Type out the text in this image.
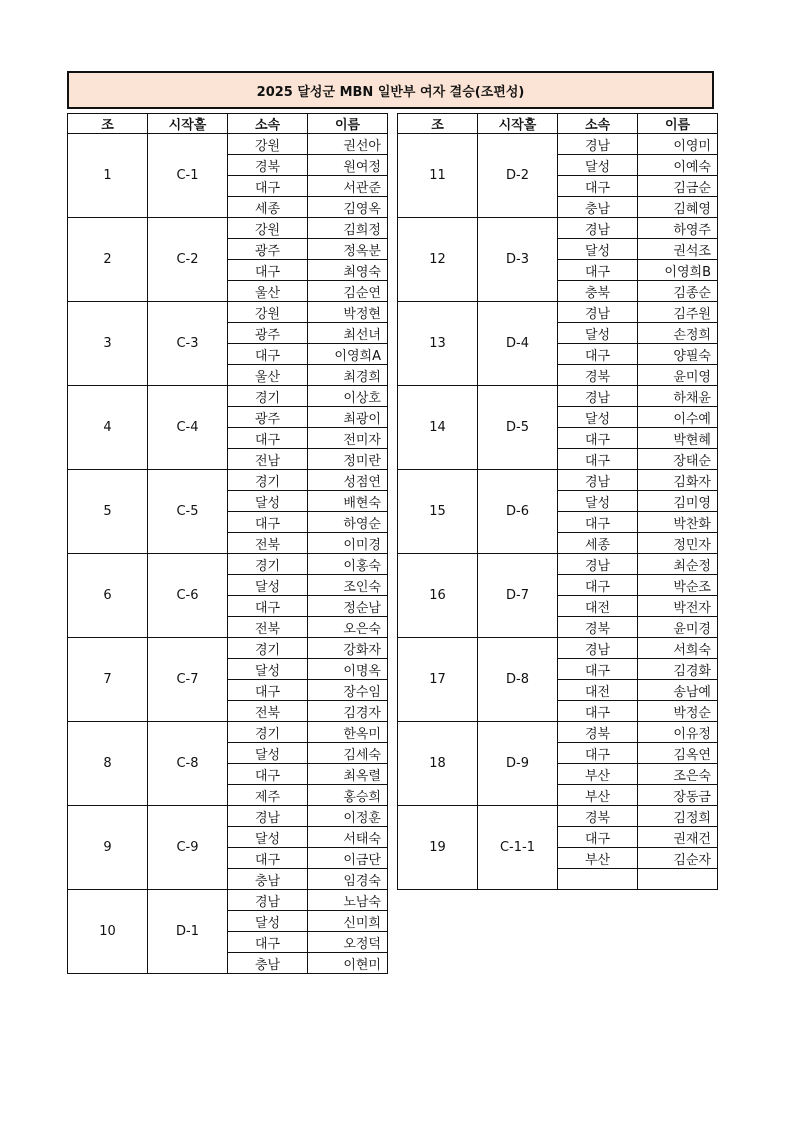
2025 달성군 MBN 일반부 여자 결승(조편성)
조	시작홀	소속	이름
1	C-1	강원	권선아
		경북	원여정
		대구	서관준
		세종	김영옥
2	C-2	강원	김희정
		광주	정옥분
		대구	최영숙
		울산	김순연
3	C-3	강원	박정현
		광주	최선녀
		대구	이영희A
		울산	최경희
4	C-4	경기	이상호
		광주	최광이
		대구	전미자
		전남	정미란
5	C-5	경기	성점연
		달성	배현숙
		대구	하영순
		전북	이미경
6	C-6	경기	이홍숙
		달성	조인숙
		대구	정순남
		전북	오은숙
7	C-7	경기	강화자
		달성	이명옥
		대구	장수임
		전북	김경자
8	C-8	경기	한옥미
		달성	김세숙
		대구	최옥렬
		제주	홍승희
9	C-9	경남	이정훈
		달성	서태숙
		대구	이금단
		충남	임경숙
10	D-1	경남	노남숙
		달성	신미희
		대구	오정덕
		충남	이현미
조	시작홀	소속	이름
11	D-2	경남	이영미
		달성	이예숙
		대구	김금순
		충남	김혜영
12	D-3	경남	하영주
		달성	권석조
		대구	이영희B
		충북	김종순
13	D-4	경남	김주원
		달성	손정희
		대구	양필숙
		경북	윤미영
14	D-5	경남	하채윤
		달성	이수예
		대구	박현혜
		대구	장태순
15	D-6	경남	김화자
		달성	김미영
		대구	박찬화
		세종	정민자
16	D-7	경남	최순정
		대구	박순조
		대전	박전자
		경북	윤미경
17	D-8	경남	서희숙
		대구	김경화
		대전	송남예
		대구	박정순
18	D-9	경북	이유정
		대구	김옥연
		부산	조은숙
		부산	장동금
19	C-1-1	경북	김정희
		대구	권재건
		부산	김순자
